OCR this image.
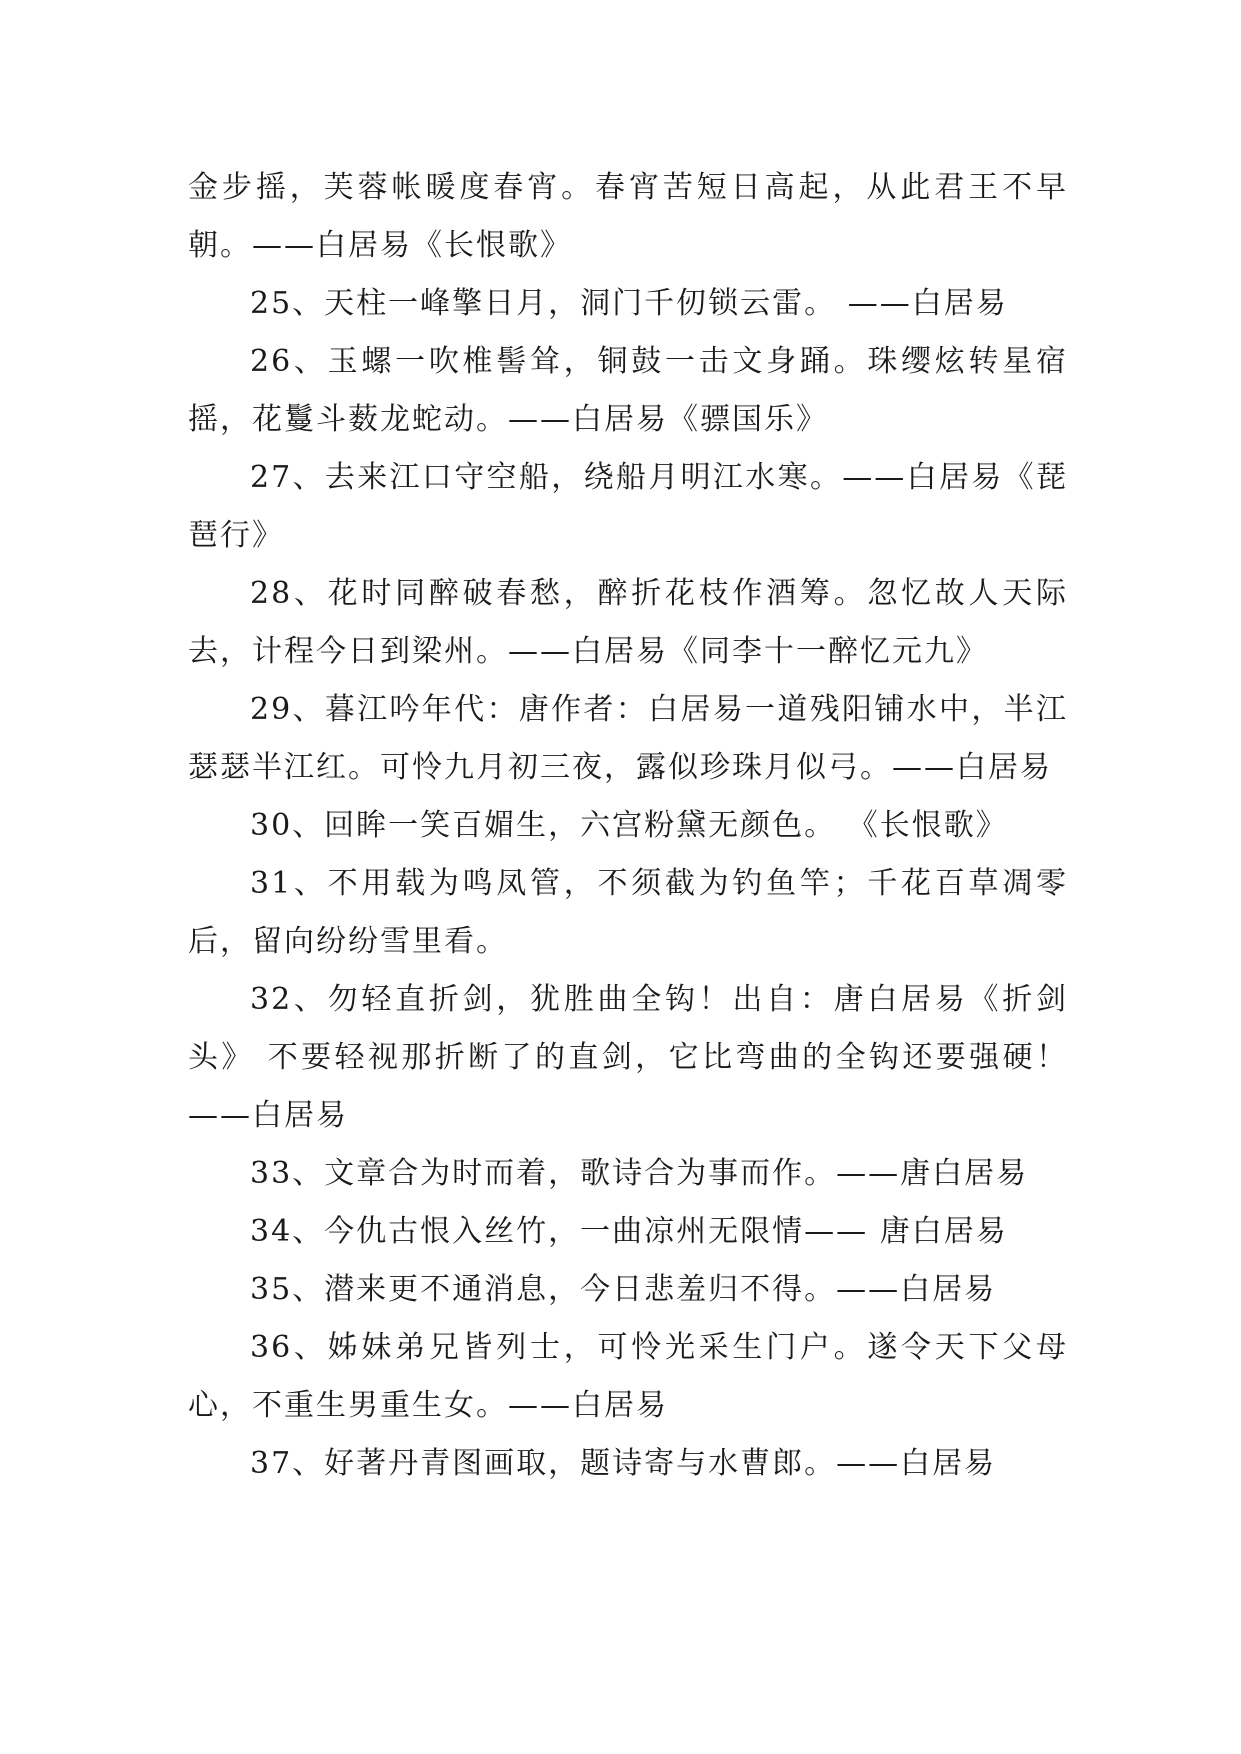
金步摇，芙蓉帐暖度春宵。春宵苦短日高起，从此君王不早朝。——白居易《长恨歌》

25、天柱一峰擎日月，洞门千仞锁云雷。 ——白居易

26、玉螺一吹椎髻耸，铜鼓一击文身踊。珠缨炫转星宿摇，花鬘斗薮龙蛇动。——白居易《骠国乐》

27、去来江口守空船，绕船月明江水寒。——白居易《琵琶行》

28、花时同醉破春愁，醉折花枝作酒筹。忽忆故人天际去，计程今日到梁州。——白居易《同李十一醉忆元九》

29、暮江吟年代：唐作者：白居易一道残阳铺水中，半江瑟瑟半江红。可怜九月初三夜，露似珍珠月似弓。——白居易

30、回眸一笑百媚生，六宫粉黛无颜色。 《长恨歌》

31、不用载为鸣凤管，不须截为钓鱼竿；千花百草凋零后，留向纷纷雪里看。

32、勿轻直折剑，犹胜曲全钩！出自：唐白居易《折剑头》 不要轻视那折断了的直剑，它比弯曲的全钩还要强硬！——白居易

33、文章合为时而着，歌诗合为事而作。——唐白居易

34、今仇古恨入丝竹，一曲凉州无限情—— 唐白居易

35、潜来更不通消息，今日悲羞归不得。——白居易

36、姊妹弟兄皆列士，可怜光采生门户。遂令天下父母心，不重生男重生女。——白居易

37、好著丹青图画取，题诗寄与水曹郎。——白居易
